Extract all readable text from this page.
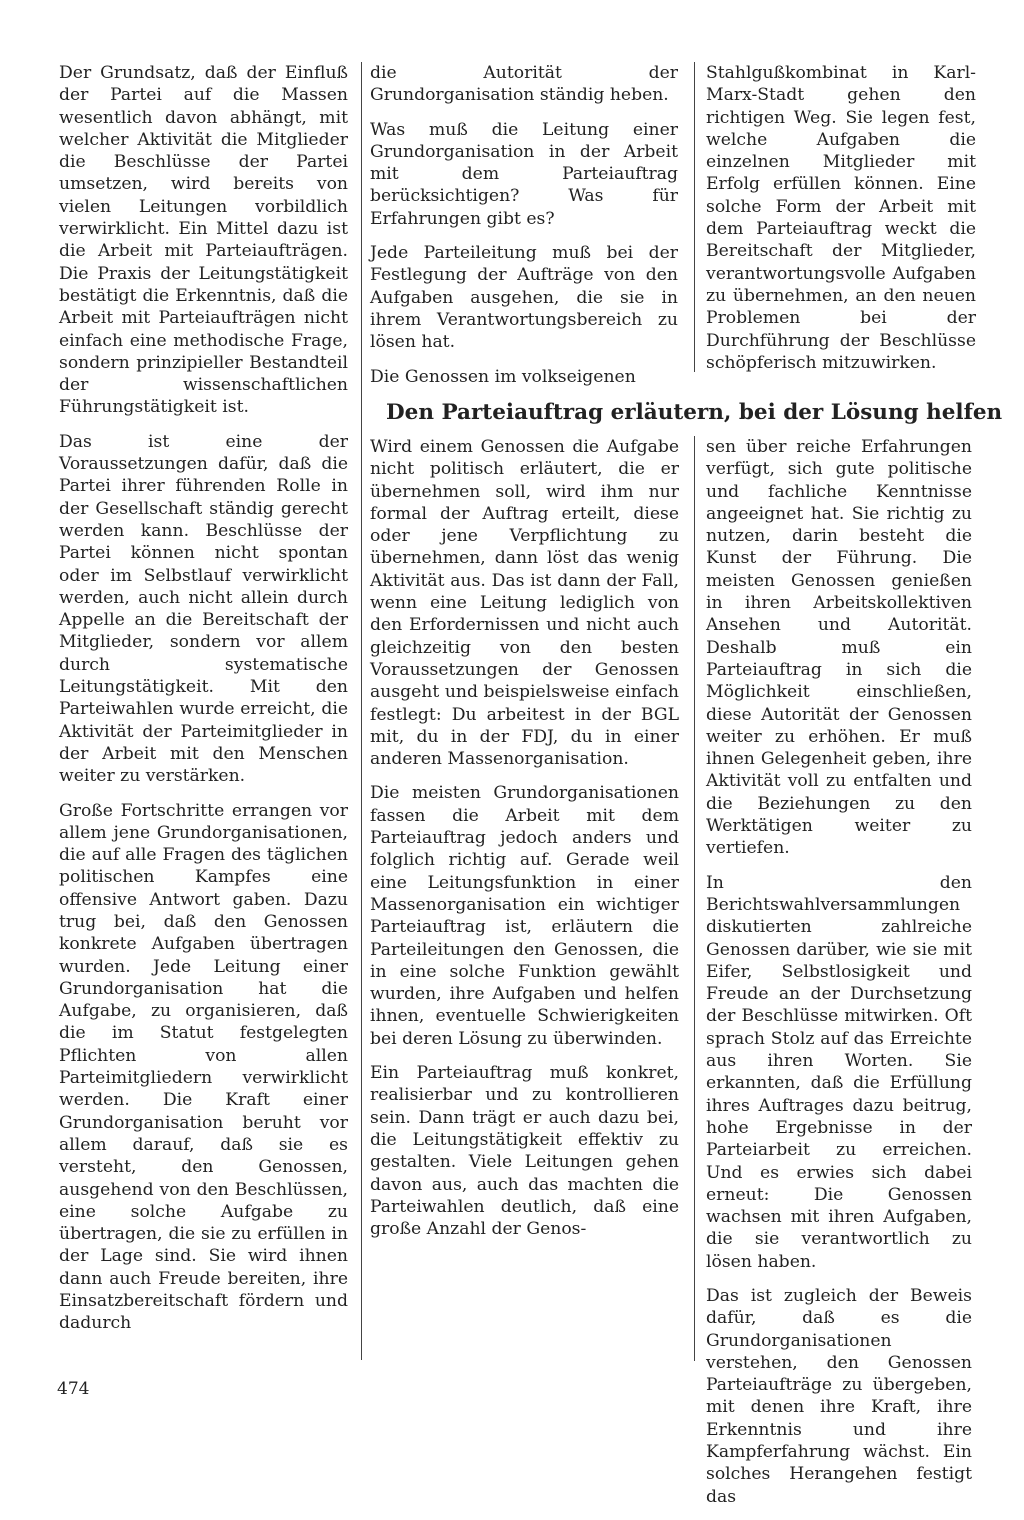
Der Grundsatz, daß der Einfluß der Partei auf die Massen wesentlich davon abhängt, mit welcher Aktivität die Mitglieder die Beschlüsse der Partei umsetzen, wird bereits von vielen Leitungen vorbildlich verwirklicht. Ein Mittel dazu ist die Arbeit mit Parteiaufträgen. Die Praxis der Leitungstätigkeit bestätigt die Erkenntnis, daß die Arbeit mit Parteiaufträgen nicht einfach eine methodische Frage, sondern prinzipieller Bestandteil der wissenschaftlichen Führungstätigkeit ist.

Das ist eine der Voraussetzungen dafür, daß die Partei ihrer führenden Rolle in der Gesellschaft ständig gerecht werden kann. Beschlüsse der Partei können nicht spontan oder im Selbstlauf verwirklicht werden, auch nicht allein durch Appelle an die Bereitschaft der Mitglieder, sondern vor allem durch systematische Leitungstätigkeit. Mit den Parteiwahlen wurde erreicht, die Aktivität der Parteimitglieder in der Arbeit mit den Menschen weiter zu verstärken.

Große Fortschritte errangen vor allem jene Grundorganisationen, die auf alle Fragen des täglichen politischen Kampfes eine offensive Antwort gaben. Dazu trug bei, daß den Genossen konkrete Aufgaben übertragen wurden. Jede Leitung einer Grundorganisation hat die Aufgabe, zu organisieren, daß die im Statut festgelegten Pflichten von allen Parteimitgliedern verwirklicht werden. Die Kraft einer Grundorganisation beruht vor allem darauf, daß sie es versteht, den Genossen, ausgehend von den Beschlüssen, eine solche Aufgabe zu übertragen, die sie zu erfüllen in der Lage sind. Sie wird ihnen dann auch Freude bereiten, ihre Einsatzbereitschaft fördern und dadurch

die Autorität der Grundorganisation ständig heben.

Was muß die Leitung einer Grundorganisation in der Arbeit mit dem Parteiauftrag berücksichtigen? Was für Erfahrungen gibt es?

Jede Parteileitung muß bei der Festlegung der Aufträge von den Aufgaben ausgehen, die sie in ihrem Verantwortungsbereich zu lösen hat.

Die Genossen im volkseigenen

Stahlgußkombinat in Karl-Marx-Stadt gehen den richtigen Weg. Sie legen fest, welche Aufgaben die einzelnen Mitglieder mit Erfolg erfüllen können. Eine solche Form der Arbeit mit dem Parteiauftrag weckt die Bereitschaft der Mitglieder, verantwortungsvolle Aufgaben zu übernehmen, an den neuen Problemen bei der Durchführung der Beschlüsse schöpferisch mitzuwirken.

Den Parteiauftrag erläutern, bei der Lösung helfen

Wird einem Genossen die Aufgabe nicht politisch erläutert, die er übernehmen soll, wird ihm nur formal der Auftrag erteilt, diese oder jene Verpflichtung zu übernehmen, dann löst das wenig Aktivität aus. Das ist dann der Fall, wenn eine Leitung lediglich von den Erfordernissen und nicht auch gleichzeitig von den besten Voraussetzungen der Genossen ausgeht und beispielsweise einfach festlegt: Du arbeitest in der BGL mit, du in der FDJ, du in einer anderen Massenorganisation.

Die meisten Grundorganisationen fassen die Arbeit mit dem Parteiauftrag jedoch anders und folglich richtig auf. Gerade weil eine Leitungsfunktion in einer Massenorganisation ein wichtiger Parteiauftrag ist, erläutern die Parteileitungen den Genossen, die in eine solche Funktion gewählt wurden, ihre Aufgaben und helfen ihnen, eventuelle Schwierigkeiten bei deren Lösung zu überwinden.

Ein Parteiauftrag muß konkret, realisierbar und zu kontrollieren sein. Dann trägt er auch dazu bei, die Leitungstätigkeit effektiv zu gestalten. Viele Leitungen gehen davon aus, auch das machten die Parteiwahlen deutlich, daß eine große Anzahl der Genos-

sen über reiche Erfahrungen verfügt, sich gute politische und fachliche Kenntnisse angeeignet hat. Sie richtig zu nutzen, darin besteht die Kunst der Führung. Die meisten Genossen genießen in ihren Arbeitskollektiven Ansehen und Autorität. Deshalb muß ein Parteiauftrag in sich die Möglichkeit einschließen, diese Autorität der Genossen weiter zu erhöhen. Er muß ihnen Gelegenheit geben, ihre Aktivität voll zu entfalten und die Beziehungen zu den Werktätigen weiter zu vertiefen.

In den Berichtswahlversammlungen diskutierten zahlreiche Genossen darüber, wie sie mit Eifer, Selbstlosigkeit und Freude an der Durchsetzung der Beschlüsse mitwirken. Oft sprach Stolz auf das Erreichte aus ihren Worten. Sie erkannten, daß die Erfüllung ihres Auftrages dazu beitrug, hohe Ergebnisse in der Parteiarbeit zu erreichen. Und es erwies sich dabei erneut: Die Genossen wachsen mit ihren Aufgaben, die sie verantwortlich zu lösen haben.

Das ist zugleich der Beweis dafür, daß es die Grundorganisationen verstehen, den Genossen Parteiaufträge zu übergeben, mit denen ihre Kraft, ihre Erkenntnis und ihre Kampferfahrung wächst. Ein solches Herangehen festigt das

474
